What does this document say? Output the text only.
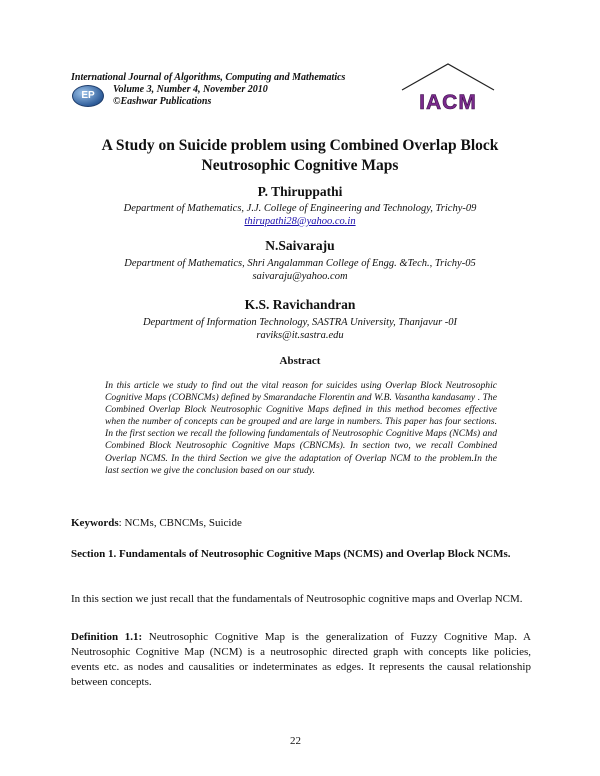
International Journal of Algorithms, Computing and Mathematics

Volume 3, Number 4, November 2010
©Eashwar Publications
EP	IACM
A Study on Suicide problem using Combined Overlap Block
Neutrosophic Cognitive Maps
P. Thiruppathi
Department of Mathematics, J.J. College of Engineering and Technology, Trichy-09
thirupathi28@yahoo.co.in
N.Saivaraju
Department of Mathematics, Shri Angalamman College of Engg. &Tech., Trichy-05
saivaraju@yahoo.com
K.S. Ravichandran
Department of Information Technology, SASTRA University, Thanjavur -0I
raviks@it.sastra.edu
Abstract
In this article we study to find out the vital reason for suicides using Overlap Block Neutrosophic Cognitive Maps (COBNCMs) defined by Smarandache Florentin and W.B. Vasantha kandasamy . The Combined Overlap Block Neutrosophic Cognitive Maps defined in this method becomes effective when the number of concepts can be grouped and are large in numbers. This paper has four sections. In the first section we recall the following fundamentals of Neutrosophic Cognitive Maps (NCMs) and Combined Block Neutrosophic Cognitive Maps (CBNCMs). In section two, we recall Combined Overlap NCMS. In the third Section we give the adaptation of Overlap NCM to the problem.In the last section we give the conclusion based on our study.
Keywords: NCMs, CBNCMs, Suicide
Section 1. Fundamentals of Neutrosophic Cognitive Maps (NCMS) and Overlap Block NCMs.
In this section we just recall that the fundamentals of Neutrosophic cognitive maps and Overlap NCM.
Definition 1.1: Neutrosophic Cognitive Map is the generalization of Fuzzy Cognitive Map. A Neutrosophic Cognitive Map (NCM) is a neutrosophic directed graph with concepts like policies, events etc. as nodes and causalities or indeterminates as edges. It represents the causal relationship between concepts.
22
